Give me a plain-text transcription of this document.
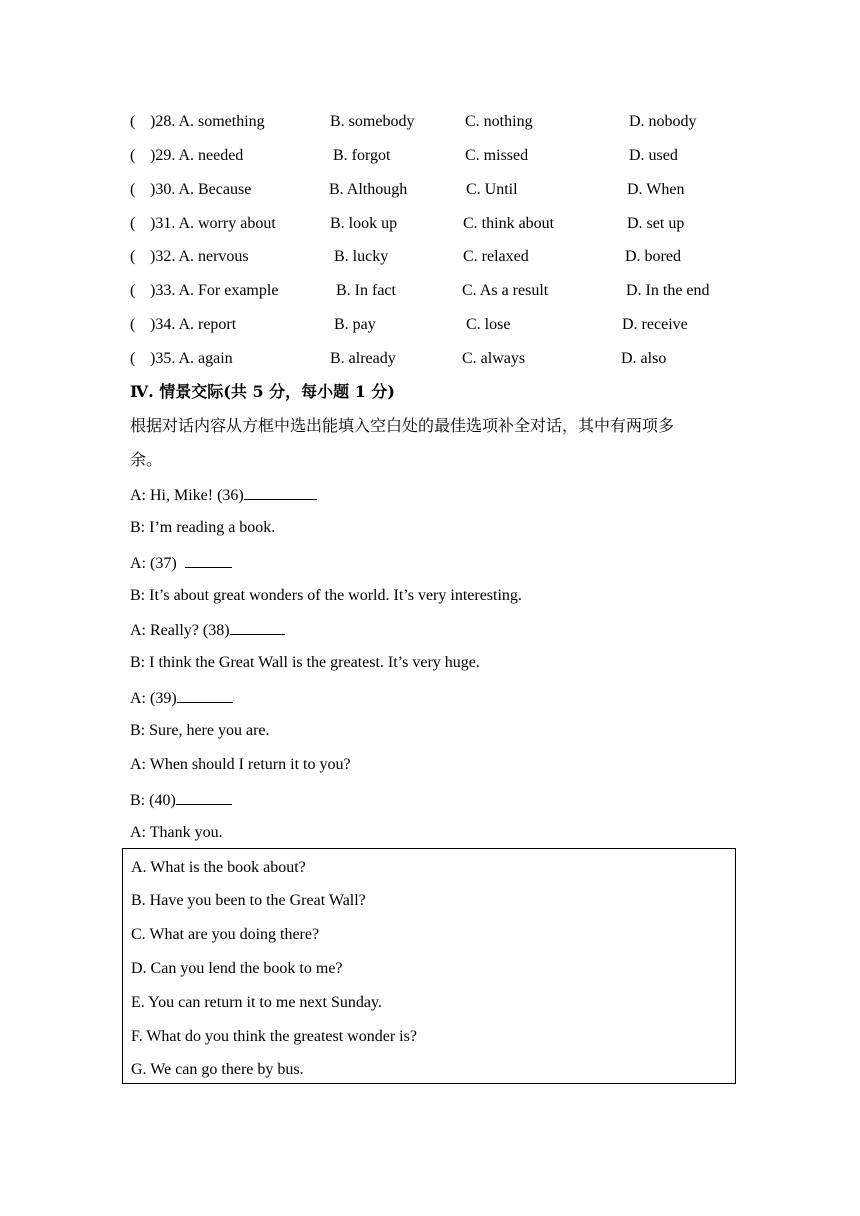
( )28. A. something	B. somebody	C. nothing	D. nobody
( )29. A. needed	B. forgot	C. missed	D. used
( )30. A. Because	B. Although	C. Until	D. When
( )31. A. worry about	B. look up	C. think about	D. set up
( )32. A. nervous	B. lucky	C. relaxed	D. bored
( )33. A. For example	B. In fact	C. As a result	D. In the end
( )34. A. report	B. pay	C. lose	D. receive
( )35. A. again	B. already	C. always	D. also
Ⅳ. 情景交际(共 5 分，每小题 1 分)
根据对话内容从方框中选出能填入空白处的最佳选项补全对话，其中有两项多
余。
A: Hi, Mike! (36)
B: I’m reading a book.
A: (37)
B: It’s about great wonders of the world. It’s very interesting.
A: Really? (38)
B: I think the Great Wall is the greatest. It’s very huge.
A: (39)
B: Sure, here you are.
A: When should I return it to you?
B: (40)
A: Thank you.
A. What is the book about?
B. Have you been to the Great Wall?
C. What are you doing there?
D. Can you lend the book to me?
E. You can return it to me next Sunday.
F. What do you think the greatest wonder is?
G. We can go there by bus.
